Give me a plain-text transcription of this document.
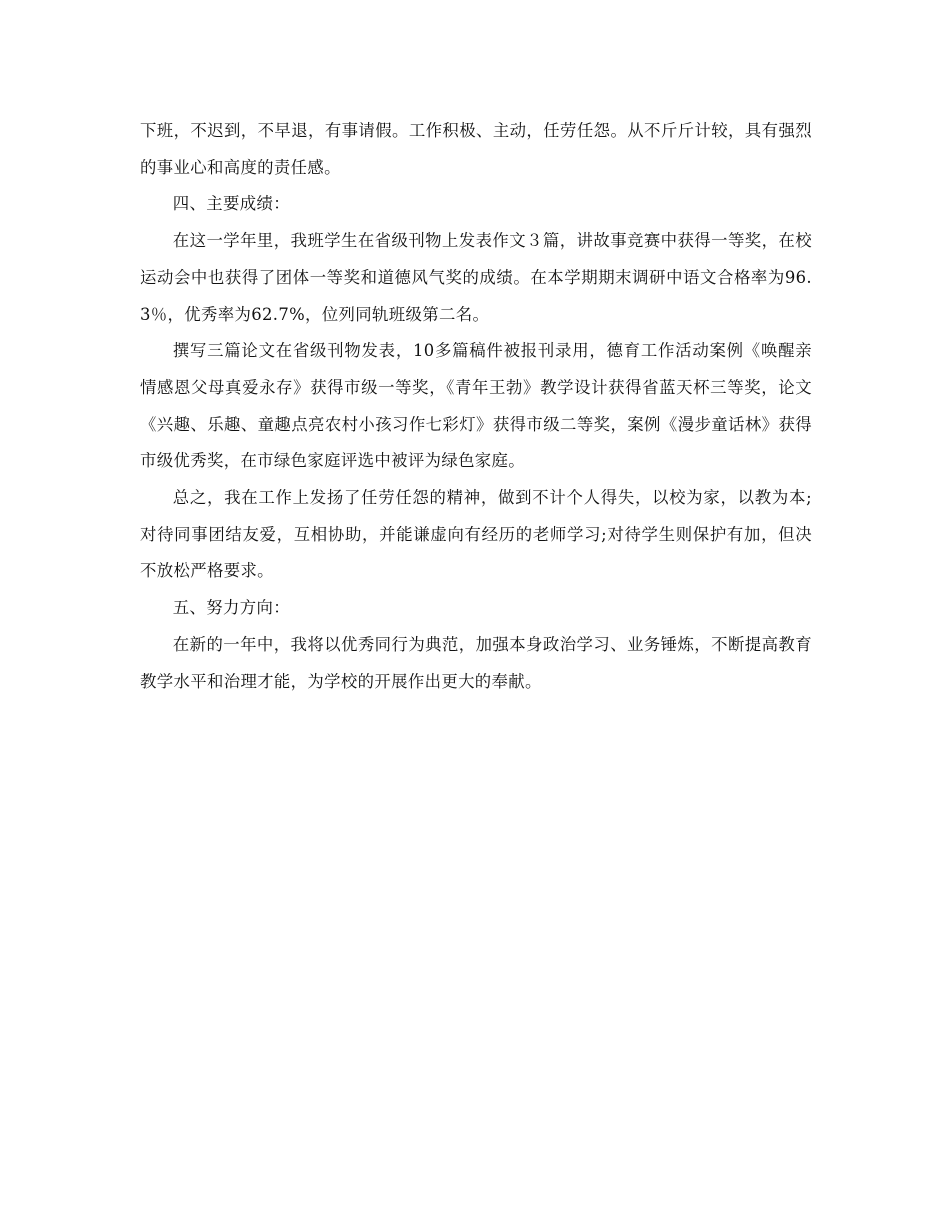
下班，不迟到，不早退，有事请假。工作积极、主动，任劳任怨。从不斤斤计较，具有强烈的事业心和高度的责任感。

四、主要成绩：

在这一学年里，我班学生在省级刊物上发表作文３篇，讲故事竞赛中获得一等奖，在校运动会中也获得了团体一等奖和道德风气奖的成绩。在本学期期末调研中语文合格率为96.3％，优秀率为62.7%，位列同轨班级第二名。

撰写三篇论文在省级刊物发表，10多篇稿件被报刊录用，德育工作活动案例《唤醒亲情感恩父母真爱永存》获得市级一等奖，《青年王勃》教学设计获得省蓝天杯三等奖，论文《兴趣、乐趣、童趣点亮农村小孩习作七彩灯》获得市级二等奖，案例《漫步童话林》获得市级优秀奖，在市绿色家庭评选中被评为绿色家庭。

总之，我在工作上发扬了任劳任怨的精神，做到不计个人得失，以校为家，以教为本;对待同事团结友爱，互相协助，并能谦虚向有经历的老师学习;对待学生则保护有加，但决不放松严格要求。

五、努力方向：

在新的一年中，我将以优秀同行为典范，加强本身政治学习、业务锤炼，不断提高教育教学水平和治理才能，为学校的开展作出更大的奉献。
